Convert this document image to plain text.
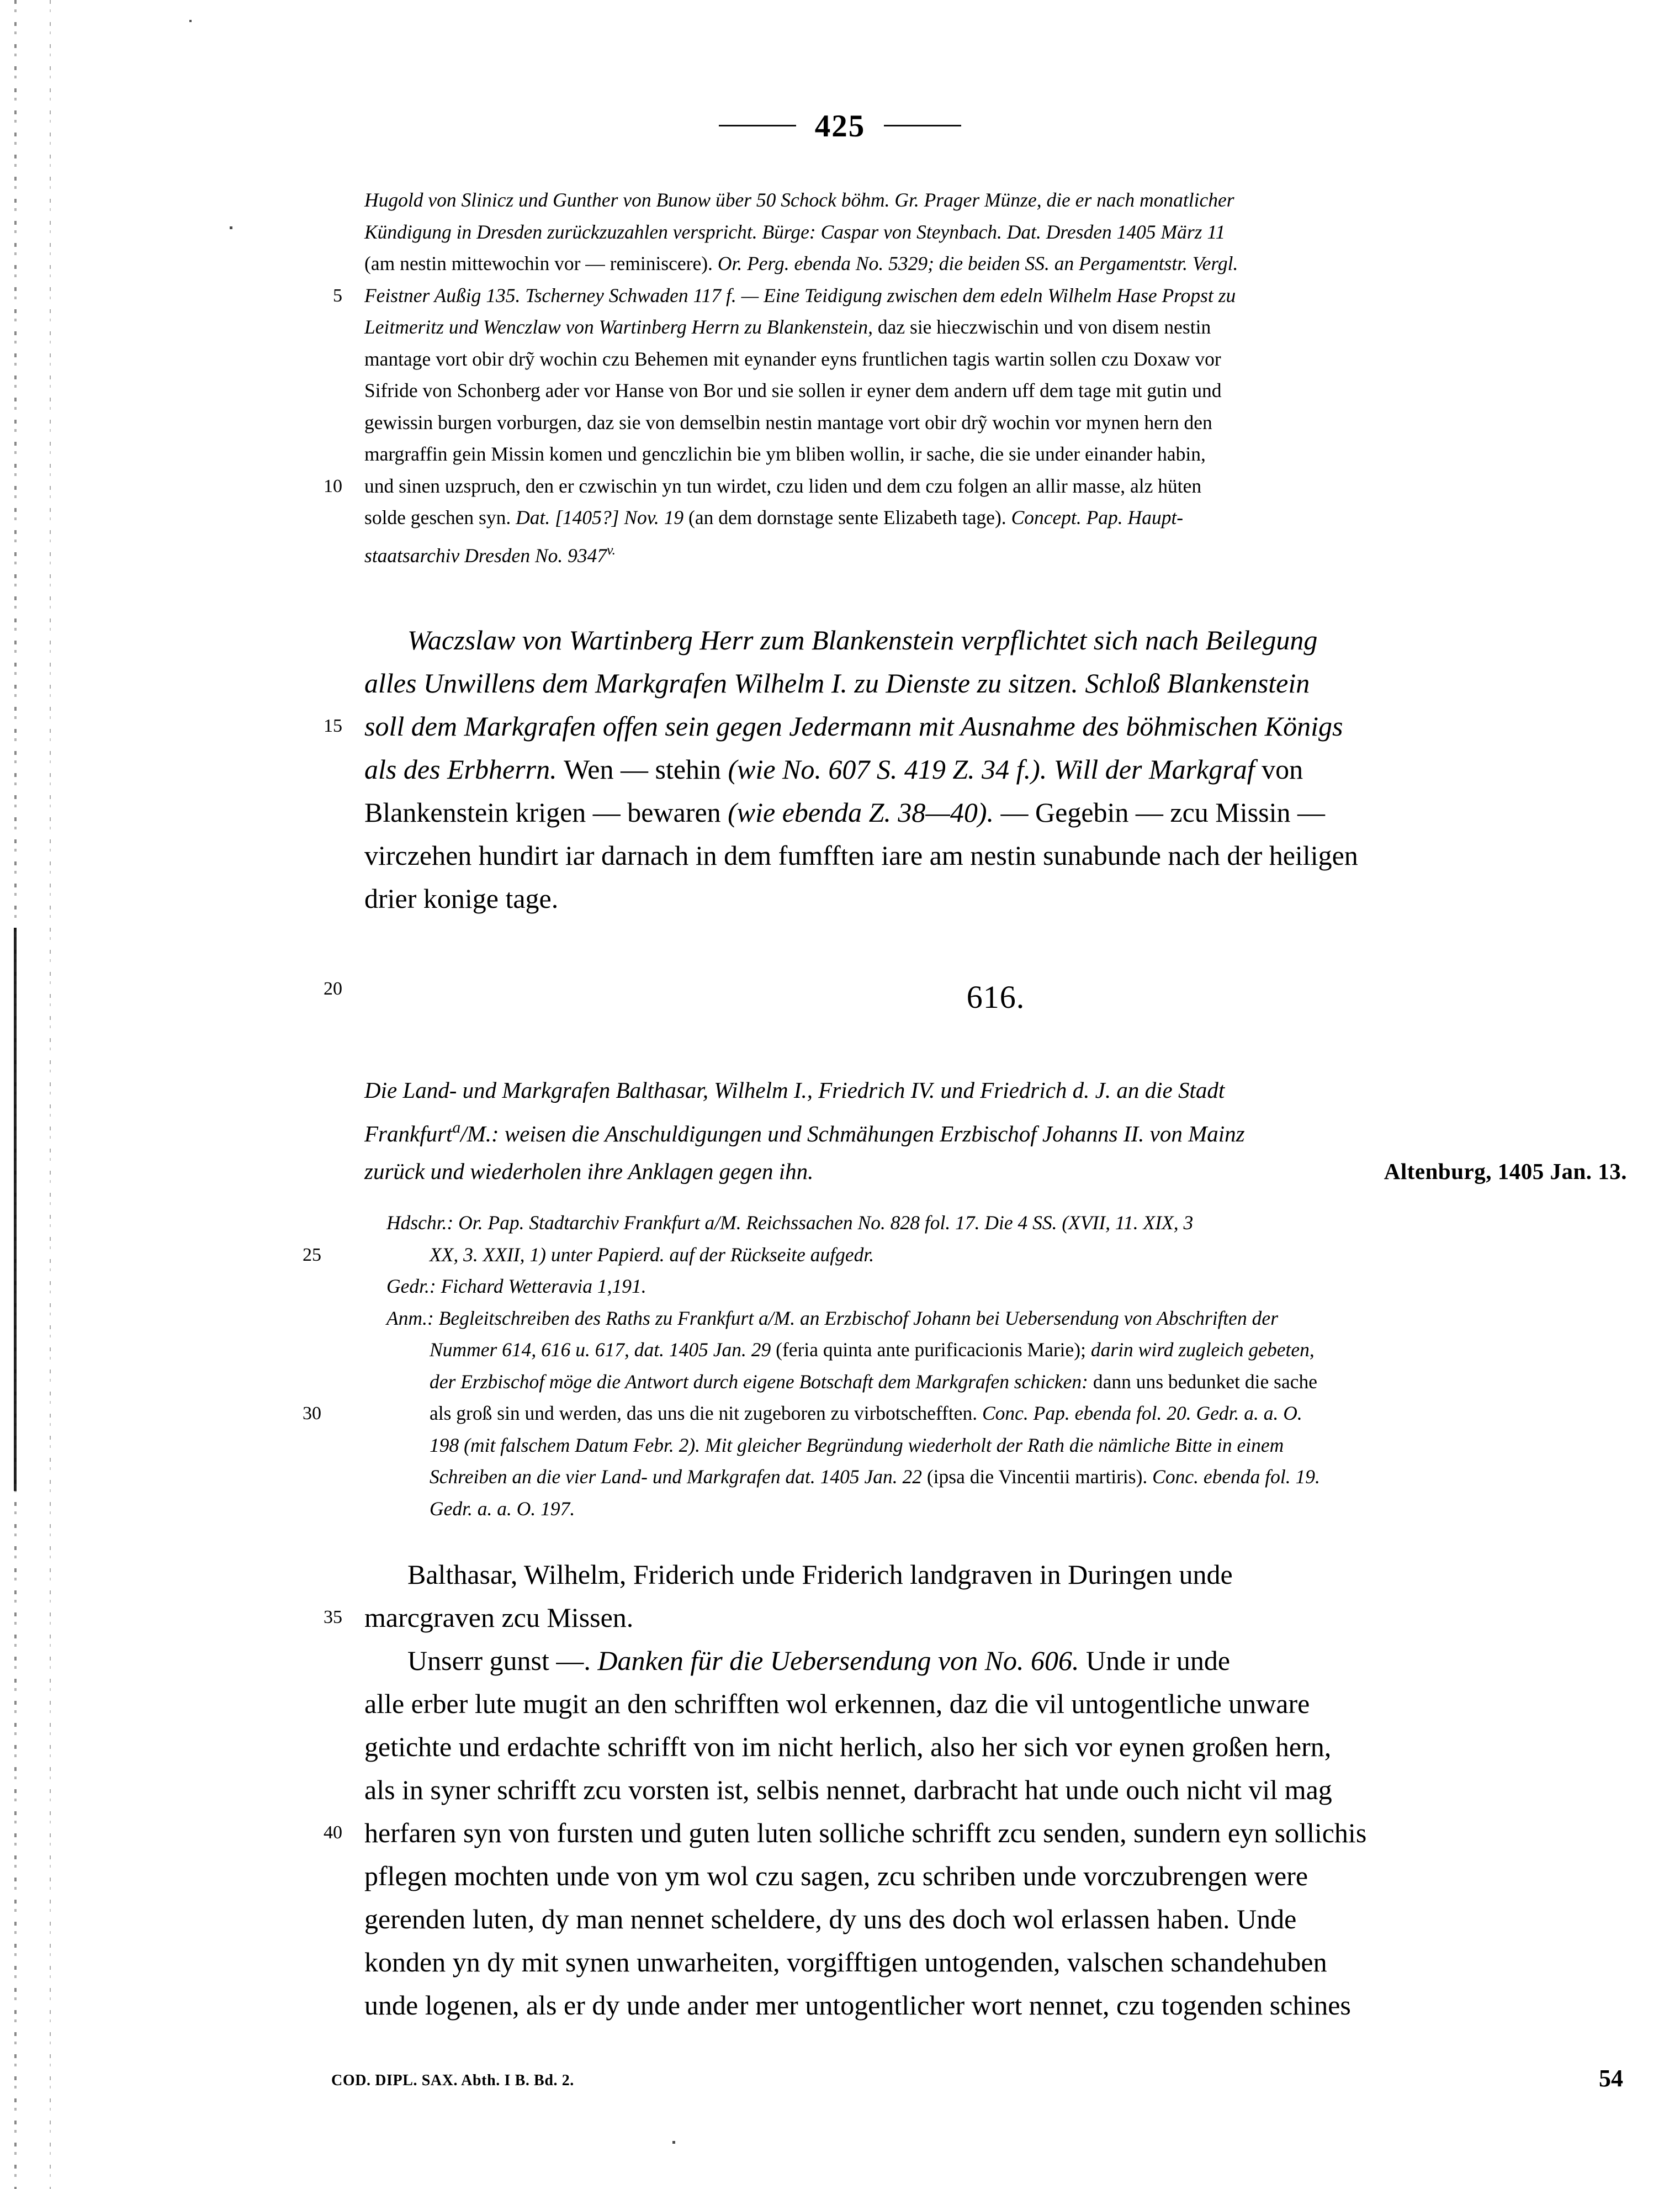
425
Hugold von Slinicz und Gunther von Bunow über 50 Schock böhm. Gr. Prager Münze, die er nach monatlicher
Kündigung in Dresden zurückzuzahlen verspricht. Bürge: Caspar von Steynbach. Dat. Dresden 1405 März 11
(am nestin mittewochin vor — reminiscere). Or. Perg. ebenda No. 5329; die beiden SS. an Pergamentstr. Vergl.
5 Feistner Außig 135. Tscherney Schwaden 117 f. — Eine Teidigung zwischen dem edeln Wilhelm Hase Propst zu
Leitmeritz und Wenczlaw von Wartinberg Herrn zu Blankenstein, daz sie hieczwischin und von disem nestin
mantage vort obir drỹ wochin czu Behemen mit eynander eyns fruntlichen tagis wartin sollen czu Doxaw vor
Sifride von Schonberg ader vor Hanse von Bor und sie sollen ir eyner dem andern uff dem tage mit gutin und
gewissin burgen vorburgen, daz sie von demselbin nestin mantage vort obir drỹ wochin vor mynen hern den
margraffin gein Missin komen und genczlichin bie ym bliben wollin, ir sache, die sie under einander habin,
10 und sinen uzspruch, den er czwischin yn tun wirdet, czu liden und dem czu folgen an allir masse, alz hüten
solde geschen syn. Dat. [1405?] Nov. 19 (an dem dornstage sente Elizabeth tage). Concept. Pap. Haupt-
staatsarchiv Dresden No. $9347^{v.}$
Waczslaw von Wartinberg Herr zum Blankenstein verpflichtet sich nach Beilegung
alles Unwillens dem Markgrafen Wilhelm I. zu Dienste zu sitzen. Schloß Blankenstein
15 soll dem Markgrafen offen sein gegen Jedermann mit Ausnahme des böhmischen Königs
als des Erbherrn. Wen — stehin (wie No. 607 S. 419 Z. 34 f.). Will der Markgraf von
Blankenstein krigen — bewaren (wie ebenda Z. 38—40). — Gegebin — zcu Missin —
virczehen hundirt iar darnach in dem fumfften iare am nestin sunabunde nach der heiligen
drier konige tage.
20	616.
Die Land- und Markgrafen Balthasar, Wilhelm I., Friedrich IV. und Friedrich d. J. an die Stadt
Frankfurt$^a$/M.: weisen die Anschuldigungen und Schmähungen Erzbischof Johanns II. von Mainz
zurück und wiederholen ihre Anklagen gegen ihn.	Altenburg, 1405 Jan. 13.
Hdschr.: Or. Pap. Stadtarchiv Frankfurt a/M. Reichssachen No. 828 fol. 17. Die 4 SS. (XVII, 11. XIX, 3
25	XX, 3. XXII, 1) unter Papierd. auf der Rückseite aufgedr.
Gedr.: Fichard Wetteravia 1,191.
Anm.: Begleitschreiben des Raths zu Frankfurt a/M. an Erzbischof Johann bei Uebersendung von Abschriften der
Nummer 614, 616 u. 617, dat. 1405 Jan. 29 (feria quinta ante purificacionis Marie); darin wird zugleich gebeten,
der Erzbischof möge die Antwort durch eigene Botschaft dem Markgrafen schicken: dann uns bedunket die sache
30	als groß sin und werden, das uns die nit zugeboren zu virbotschefften. Conc. Pap. ebenda fol. 20. Gedr. a. a. O.
198 (mit falschem Datum Febr. 2). Mit gleicher Begründung wiederholt der Rath die nämliche Bitte in einem
Schreiben an die vier Land- und Markgrafen dat. 1405 Jan. 22 (ipsa die Vincentii martiris). Conc. ebenda fol. 19.
Gedr. a. a. O. 197.
Balthasar, Wilhelm, Friderich unde Friderich landgraven in Duringen unde
35 marcgraven zcu Missen.
Unserr gunst —. Danken für die Uebersendung von No. 606. Unde ir unde
alle erber lute mugit an den schrifften wol erkennen, daz die vil untogentliche unware
getichte und erdachte schrifft von im nicht herlich, also her sich vor eynen großen hern,
als in syner schrifft zcu vorsten ist, selbis nennet, darbracht hat unde ouch nicht vil mag
40 herfaren syn von fursten und guten luten solliche schrifft zcu senden, sundern eyn sollichis
pflegen mochten unde von ym wol czu sagen, zcu schriben unde vorczubrengen were
gerenden luten, dy man nennet scheldere, dy uns des doch wol erlassen haben. Unde
konden yn dy mit synen unwarheiten, vorgifftigen untogenden, valschen schandehuben
unde logenen, als er dy unde ander mer untogentlicher wort nennet, czu togenden schines
COD. DIPL. SAX. Abth. I B. Bd. 2.	54
